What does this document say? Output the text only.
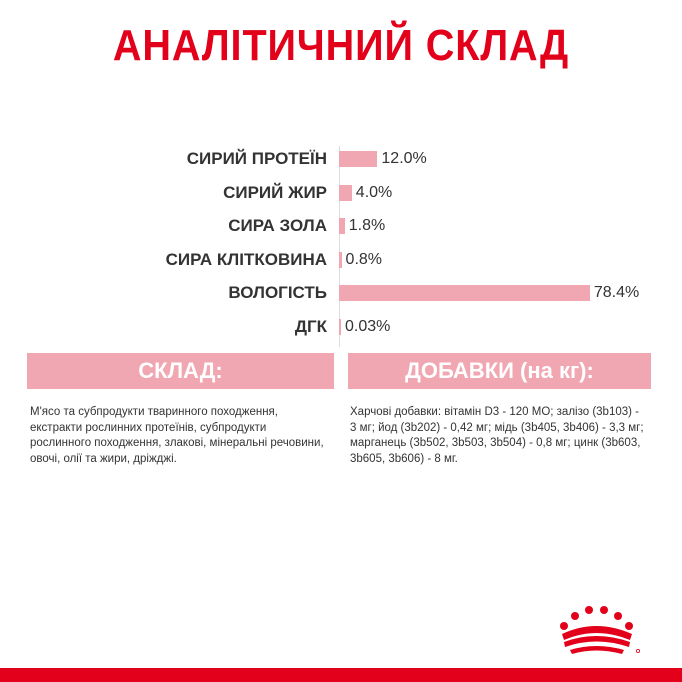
АНАЛІТИЧНИЙ СКЛАД
СИРИЙ ПРОТЕЇН	12.0%
СИРИЙ ЖИР 4.0%
СИРА ЗОЛА 1.8%
СИРА КЛІТКОВИНА 0.8%
ВОЛОГІСТЬ	78.4%
ДГК 0.03%
СКЛАД:
М'ясо та субпродукти тваринного походження, екстракти рослинних протеїнів, субпродукти рослинного походження, злакові, мінеральні речовини, овочі, олії та жири, дріжджі.
ДОБАВКИ (на кг):
Харчові добавки: вітамін D3 - 120 МО; залізо (3b103) - 3 мг; йод (3b202) - 0,42 мг; мідь (3b405, 3b406) - 3,3 мг; марганець (3b502, 3b503, 3b504) - 0,8 мг; цинк (3b603, 3b605, 3b606) - 8 мг.
